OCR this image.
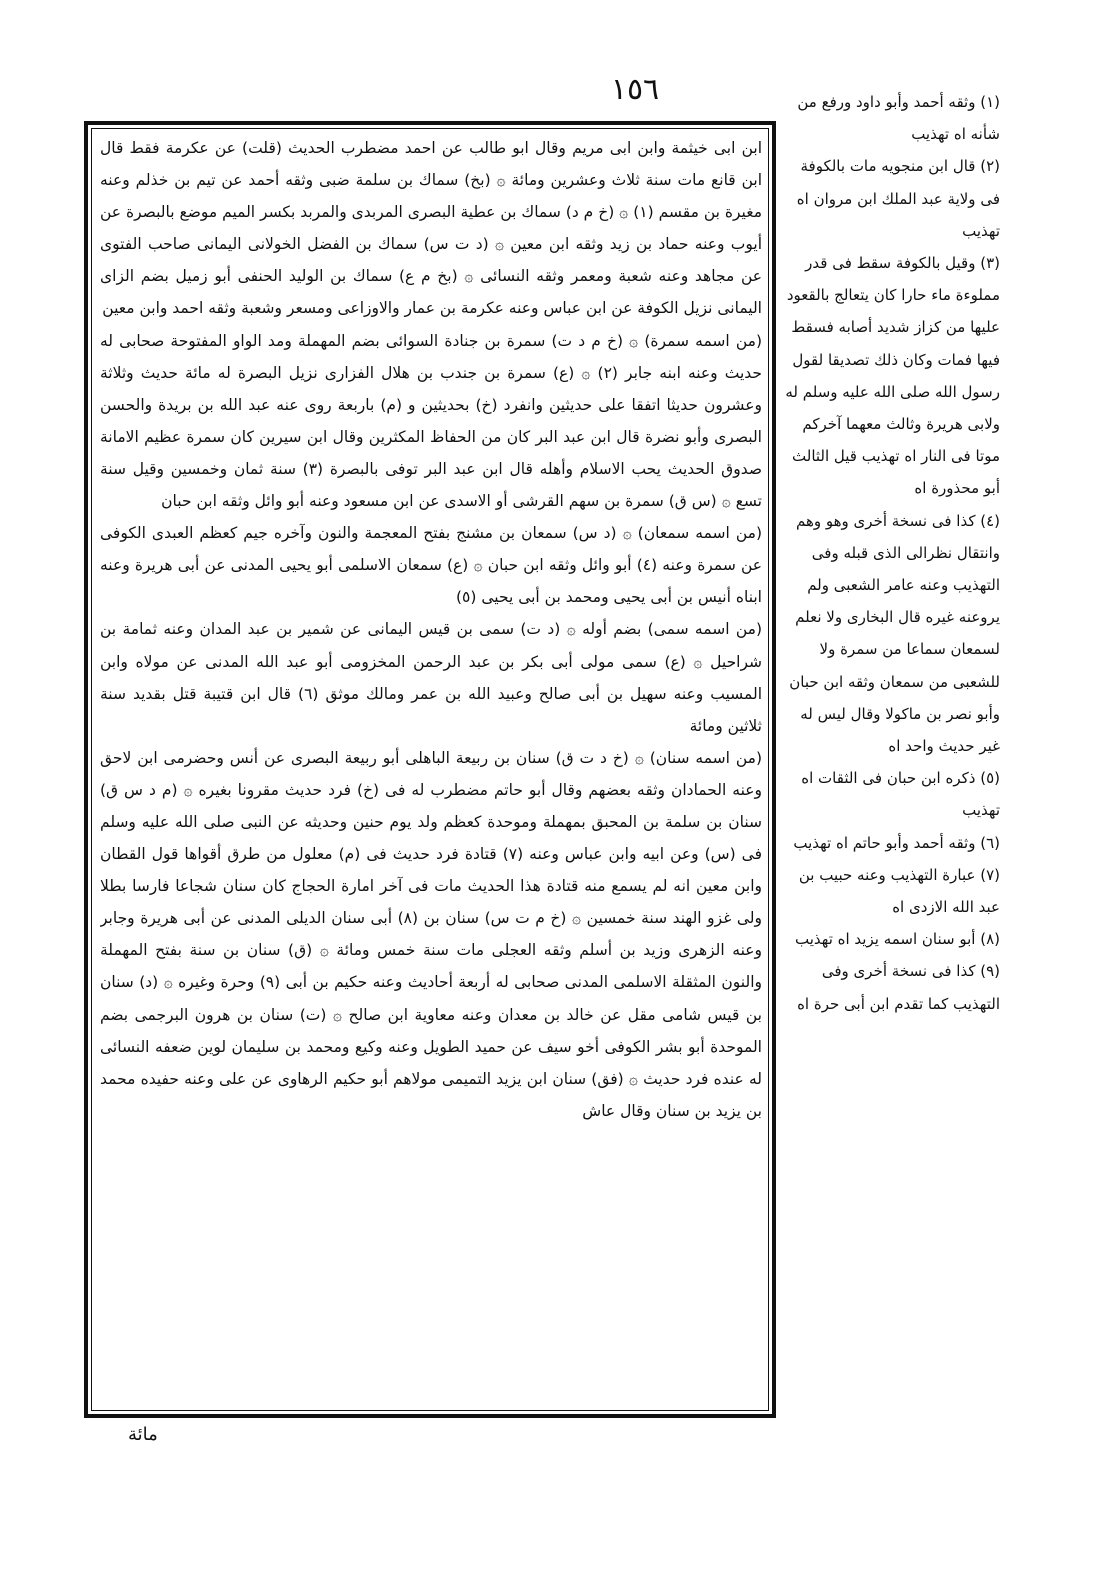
١٥٦

ابن ابى خيثمة وابن ابى مريم وقال ابو طالب عن احمد مضطرب الحديث (قلت) عن عكرمة فقط قال ابن قانع مات سنة ثلاث وعشرين ومائة ۞ (بخ) سماك بن سلمة ضبى وثقه أحمد عن تيم بن خذلم وعنه مغيرة بن مقسم (١) ۞ (خ م د) سماك بن عطية البصرى المربدى والمربد بكسر الميم موضع بالبصرة عن أيوب وعنه حماد بن زيد وثقه ابن معين ۞ (د ت س) سماك بن الفضل الخولانى اليمانى صاحب الفتوى عن مجاهد وعنه شعبة ومعمر وثقه النسائى ۞ (بخ م ع) سماك بن الوليد الحنفى أبو زميل بضم الزاى اليمانى نزيل الكوفة عن ابن عباس وعنه عكرمة بن عمار والاوزاعى ومسعر وشعبة وثقه احمد وابن معين

(من اسمه سمرة) ۞ (خ م د ت) سمرة بن جنادة السوائى بضم المهملة ومد الواو المفتوحة صحابى له حديث وعنه ابنه جابر (٢) ۞ (ع) سمرة بن جندب بن هلال الفزارى نزيل البصرة له مائة حديث وثلاثة وعشرون حديثا اتفقا على حديثين وانفرد (خ) بحديثين و (م) باربعة روى عنه عبد الله بن بريدة والحسن البصرى وأبو نضرة قال ابن عبد البر كان من الحفاظ المكثرين وقال ابن سيرين كان سمرة عظيم الامانة صدوق الحديث يحب الاسلام وأهله قال ابن عبد البر توفى بالبصرة (٣) سنة ثمان وخمسين وقيل سنة تسع ۞ (س ق) سمرة بن سهم القرشى أو الاسدى عن ابن مسعود وعنه أبو وائل وثقه ابن حبان

(من اسمه سمعان) ۞ (د س) سمعان بن مشنج بفتح المعجمة والنون وآخره جيم كعظم العبدى الكوفى عن سمرة وعنه (٤) أبو وائل وثقه ابن حبان ۞ (ع) سمعان الاسلمى أبو يحيى المدنى عن أبى هريرة وعنه ابناه أنيس بن أبى يحيى ومحمد بن أبى يحيى (٥)

(من اسمه سمى) بضم أوله ۞ (د ت) سمى بن قيس اليمانى عن شمير بن عبد المدان وعنه ثمامة بن شراحيل ۞ (ع) سمى مولى أبى بكر بن عبد الرحمن المخزومى أبو عبد الله المدنى عن مولاه وابن المسيب وعنه سهيل بن أبى صالح وعبيد الله بن عمر ومالك موثق (٦) قال ابن قتيبة قتل بقديد سنة ثلاثين ومائة

(من اسمه سنان) ۞ (خ د ت ق) سنان بن ربيعة الباهلى أبو ربيعة البصرى عن أنس وحضرمى ابن لاحق وعنه الحمادان وثقه بعضهم وقال أبو حاتم مضطرب له فى (خ) فرد حديث مقرونا بغيره ۞ (م د س ق) سنان بن سلمة بن المحبق بمهملة وموحدة كعظم ولد يوم حنين وحديثه عن النبى صلى الله عليه وسلم فى (س) وعن ابيه وابن عباس وعنه (٧) قتادة فرد حديث فى (م) معلول من طرق أقواها قول القطان وابن معين انه لم يسمع منه قتادة هذا الحديث مات فى آخر امارة الحجاج كان سنان شجاعا فارسا بطلا ولى غزو الهند سنة خمسين ۞ (خ م ت س) سنان بن (٨) أبى سنان الديلى المدنى عن أبى هريرة وجابر وعنه الزهرى وزيد بن أسلم وثقه العجلى مات سنة خمس ومائة ۞ (ق) سنان بن سنة بفتح المهملة والنون المثقلة الاسلمى المدنى صحابى له أربعة أحاديث وعنه حكيم بن أبى (٩) وحرة وغيره ۞ (د) سنان بن قيس شامى مقل عن خالد بن معدان وعنه معاوية ابن صالح ۞ (ت) سنان بن هرون البرجمى بضم الموحدة أبو بشر الكوفى أخو سيف عن حميد الطويل وعنه وكيع ومحمد بن سليمان لوين ضعفه النسائى له عنده فرد حديث ۞ (فق) سنان ابن يزيد التميمى مولاهم أبو حكيم الرهاوى عن على وعنه حفيده محمد بن يزيد بن سنان وقال عاش

(١) وثقه أحمد وأبو داود ورفع من شأنه اه تهذيب

(٢) قال ابن منجويه مات بالكوفة فى ولاية عبد الملك ابن مروان اه تهذيب

(٣) وقيل بالكوفة سقط فى قدر مملوءة ماء حارا كان يتعالج بالقعود عليها من كزاز شديد أصابه فسقط فيها فمات وكان ذلك تصديقا لقول رسول الله صلى الله عليه وسلم له ولابى هريرة وثالث معهما آخركم موتا فى النار اه تهذيب قيل الثالث أبو محذورة اه

(٤) كذا فى نسخة أخرى وهو وهم وانتقال نظرالى الذى قبله وفى التهذيب وعنه عامر الشعبى ولم يروعنه غيره قال البخارى ولا نعلم لسمعان سماعا من سمرة ولا للشعبى من سمعان وثقه ابن حبان وأبو نصر بن ماكولا وقال ليس له غير حديث واحد اه

(٥) ذكره ابن حبان فى الثقات اه تهذيب

(٦) وثقه أحمد وأبو حاتم اه تهذيب

(٧) عبارة التهذيب وعنه حبيب بن عبد الله الازدى اه

(٨) أبو سنان اسمه يزيد اه تهذيب

(٩) كذا فى نسخة أخرى وفى التهذيب كما تقدم ابن أبى حرة اه

مائة
